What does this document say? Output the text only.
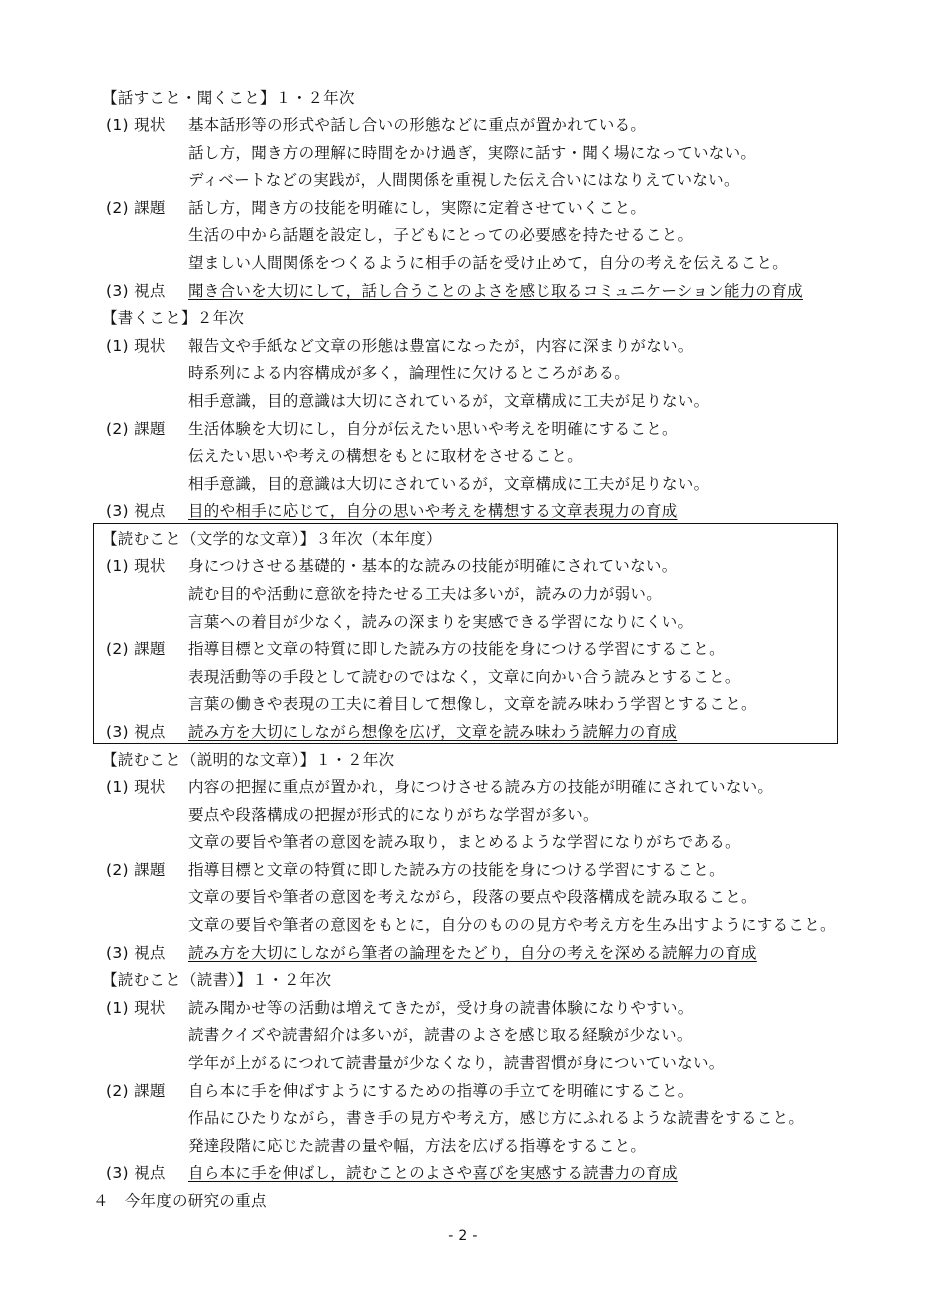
【話すこと・聞くこと】１・２年次
(1) 現状 基本話形等の形式や話し合いの形態などに重点が置かれている。
話し方，聞き方の理解に時間をかけ過ぎ，実際に話す・聞く場になっていない。
ディベートなどの実践が，人間関係を重視した伝え合いにはなりえていない。
(2) 課題 話し方，聞き方の技能を明確にし，実際に定着させていくこと。
生活の中から話題を設定し，子どもにとっての必要感を持たせること。
望ましい人間関係をつくるように相手の話を受け止めて，自分の考えを伝えること。
(3) 視点 聞き合いを大切にして，話し合うことのよさを感じ取るコミュニケーション能力の育成
【書くこと】２年次
(1) 現状 報告文や手紙など文章の形態は豊富になったが，内容に深まりがない。
時系列による内容構成が多く，論理性に欠けるところがある。
相手意識，目的意識は大切にされているが，文章構成に工夫が足りない。
(2) 課題 生活体験を大切にし，自分が伝えたい思いや考えを明確にすること。
伝えたい思いや考えの構想をもとに取材をさせること。
相手意識，目的意識は大切にされているが，文章構成に工夫が足りない。
(3) 視点 目的や相手に応じて，自分の思いや考えを構想する文章表現力の育成
【読むこと（文学的な文章）】３年次（本年度）
(1) 現状 身につけさせる基礎的・基本的な読みの技能が明確にされていない。
読む目的や活動に意欲を持たせる工夫は多いが，読みの力が弱い。
言葉への着目が少なく，読みの深まりを実感できる学習になりにくい。
(2) 課題 指導目標と文章の特質に即した読み方の技能を身につける学習にすること。
表現活動等の手段として読むのではなく，文章に向かい合う読みとすること。
言葉の働きや表現の工夫に着目して想像し，文章を読み味わう学習とすること。
(3) 視点 読み方を大切にしながら想像を広げ，文章を読み味わう読解力の育成
【読むこと（説明的な文章）】１・２年次
(1) 現状 内容の把握に重点が置かれ，身につけさせる読み方の技能が明確にされていない。
要点や段落構成の把握が形式的になりがちな学習が多い。
文章の要旨や筆者の意図を読み取り，まとめるような学習になりがちである。
(2) 課題 指導目標と文章の特質に即した読み方の技能を身につける学習にすること。
文章の要旨や筆者の意図を考えながら，段落の要点や段落構成を読み取ること。
文章の要旨や筆者の意図をもとに，自分のものの見方や考え方を生み出すようにすること。
(3) 視点 読み方を大切にしながら筆者の論理をたどり，自分の考えを深める読解力の育成
【読むこと（読書）】１・２年次
(1) 現状 読み聞かせ等の活動は増えてきたが，受け身の読書体験になりやすい。
読書クイズや読書紹介は多いが，読書のよさを感じ取る経験が少ない。
学年が上がるにつれて読書量が少なくなり，読書習慣が身についていない。
(2) 課題 自ら本に手を伸ばすようにするための指導の手立てを明確にすること。
作品にひたりながら，書き手の見方や考え方，感じ方にふれるような読書をすること。
発達段階に応じた読書の量や幅，方法を広げる指導をすること。
(3) 視点 自ら本に手を伸ばし，読むことのよさや喜びを実感する読書力の育成
４　今年度の研究の重点
- 2 -
